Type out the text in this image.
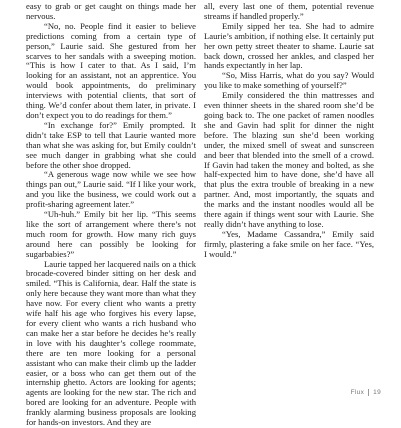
easy to grab or get caught on things made her nervous.

“No, no. People find it easier to believe predictions coming from a certain type of person,” Laurie said. She gestured from her scarves to her sandals with a sweeping motion. “This is how I cater to that. As I said, I’m looking for an assistant, not an apprentice. You would book appointments, do preliminary interviews with potential clients, that sort of thing. We’d confer about them later, in private. I don’t expect you to do readings for them.”

“In exchange for?” Emily prompted. It didn’t take ESP to tell that Laurie wanted more than what she was asking for, but Emily couldn’t see much danger in grabbing what she could before the other shoe dropped.

“A generous wage now while we see how things pan out,” Laurie said. “If I like your work, and you like the business, we could work out a profit-sharing agreement later.”

“Uh-huh.” Emily bit her lip. “This seems like the sort of arrangement where there’s not much room for growth. How many rich guys around here can possibly be looking for sugarbabies?”

Laurie tapped her lacquered nails on a thick brocade-covered binder sitting on her desk and smiled. “This is California, dear. Half the state is only here because they want more than what they have now. For every client who wants a pretty wife half his age who forgives his every lapse, for every client who wants a rich husband who can make her a star before he decides he’s really in love with his daughter’s college roommate, there are ten more looking for a personal assistant who can make their climb up the ladder easier, or a boss who can get them out of the internship ghetto. Actors are looking for agents; agents are looking for the new star. The rich and bored are looking for an adventure. People with frankly alarming business proposals are looking for hands-on investors. And they are

all, every last one of them, potential revenue streams if handled properly.”

Emily sipped her tea. She had to admire Laurie’s ambition, if nothing else. It certainly put her own petty street theater to shame. Laurie sat back down, crossed her ankles, and clasped her hands expectantly in her lap.

“So, Miss Harris, what do you say? Would you like to make something of yourself?”

Emily considered the thin mattresses and even thinner sheets in the shared room she’d be going back to. The one packet of ramen noodles she and Gavin had split for dinner the night before. The blazing sun she’d been working under, the mixed smell of sweat and sunscreen and beer that blended into the smell of a crowd. If Gavin had taken the money and bolted, as she half-expected him to have done, she’d have all that plus the extra trouble of breaking in a new partner. And, most importantly, the squats and the marks and the instant noodles would all be there again if things went sour with Laurie. She really didn’t have anything to lose.

“Yes, Madame Cassandra,” Emily said firmly, plastering a fake smile on her face. “Yes, I would.”

Flux 19
